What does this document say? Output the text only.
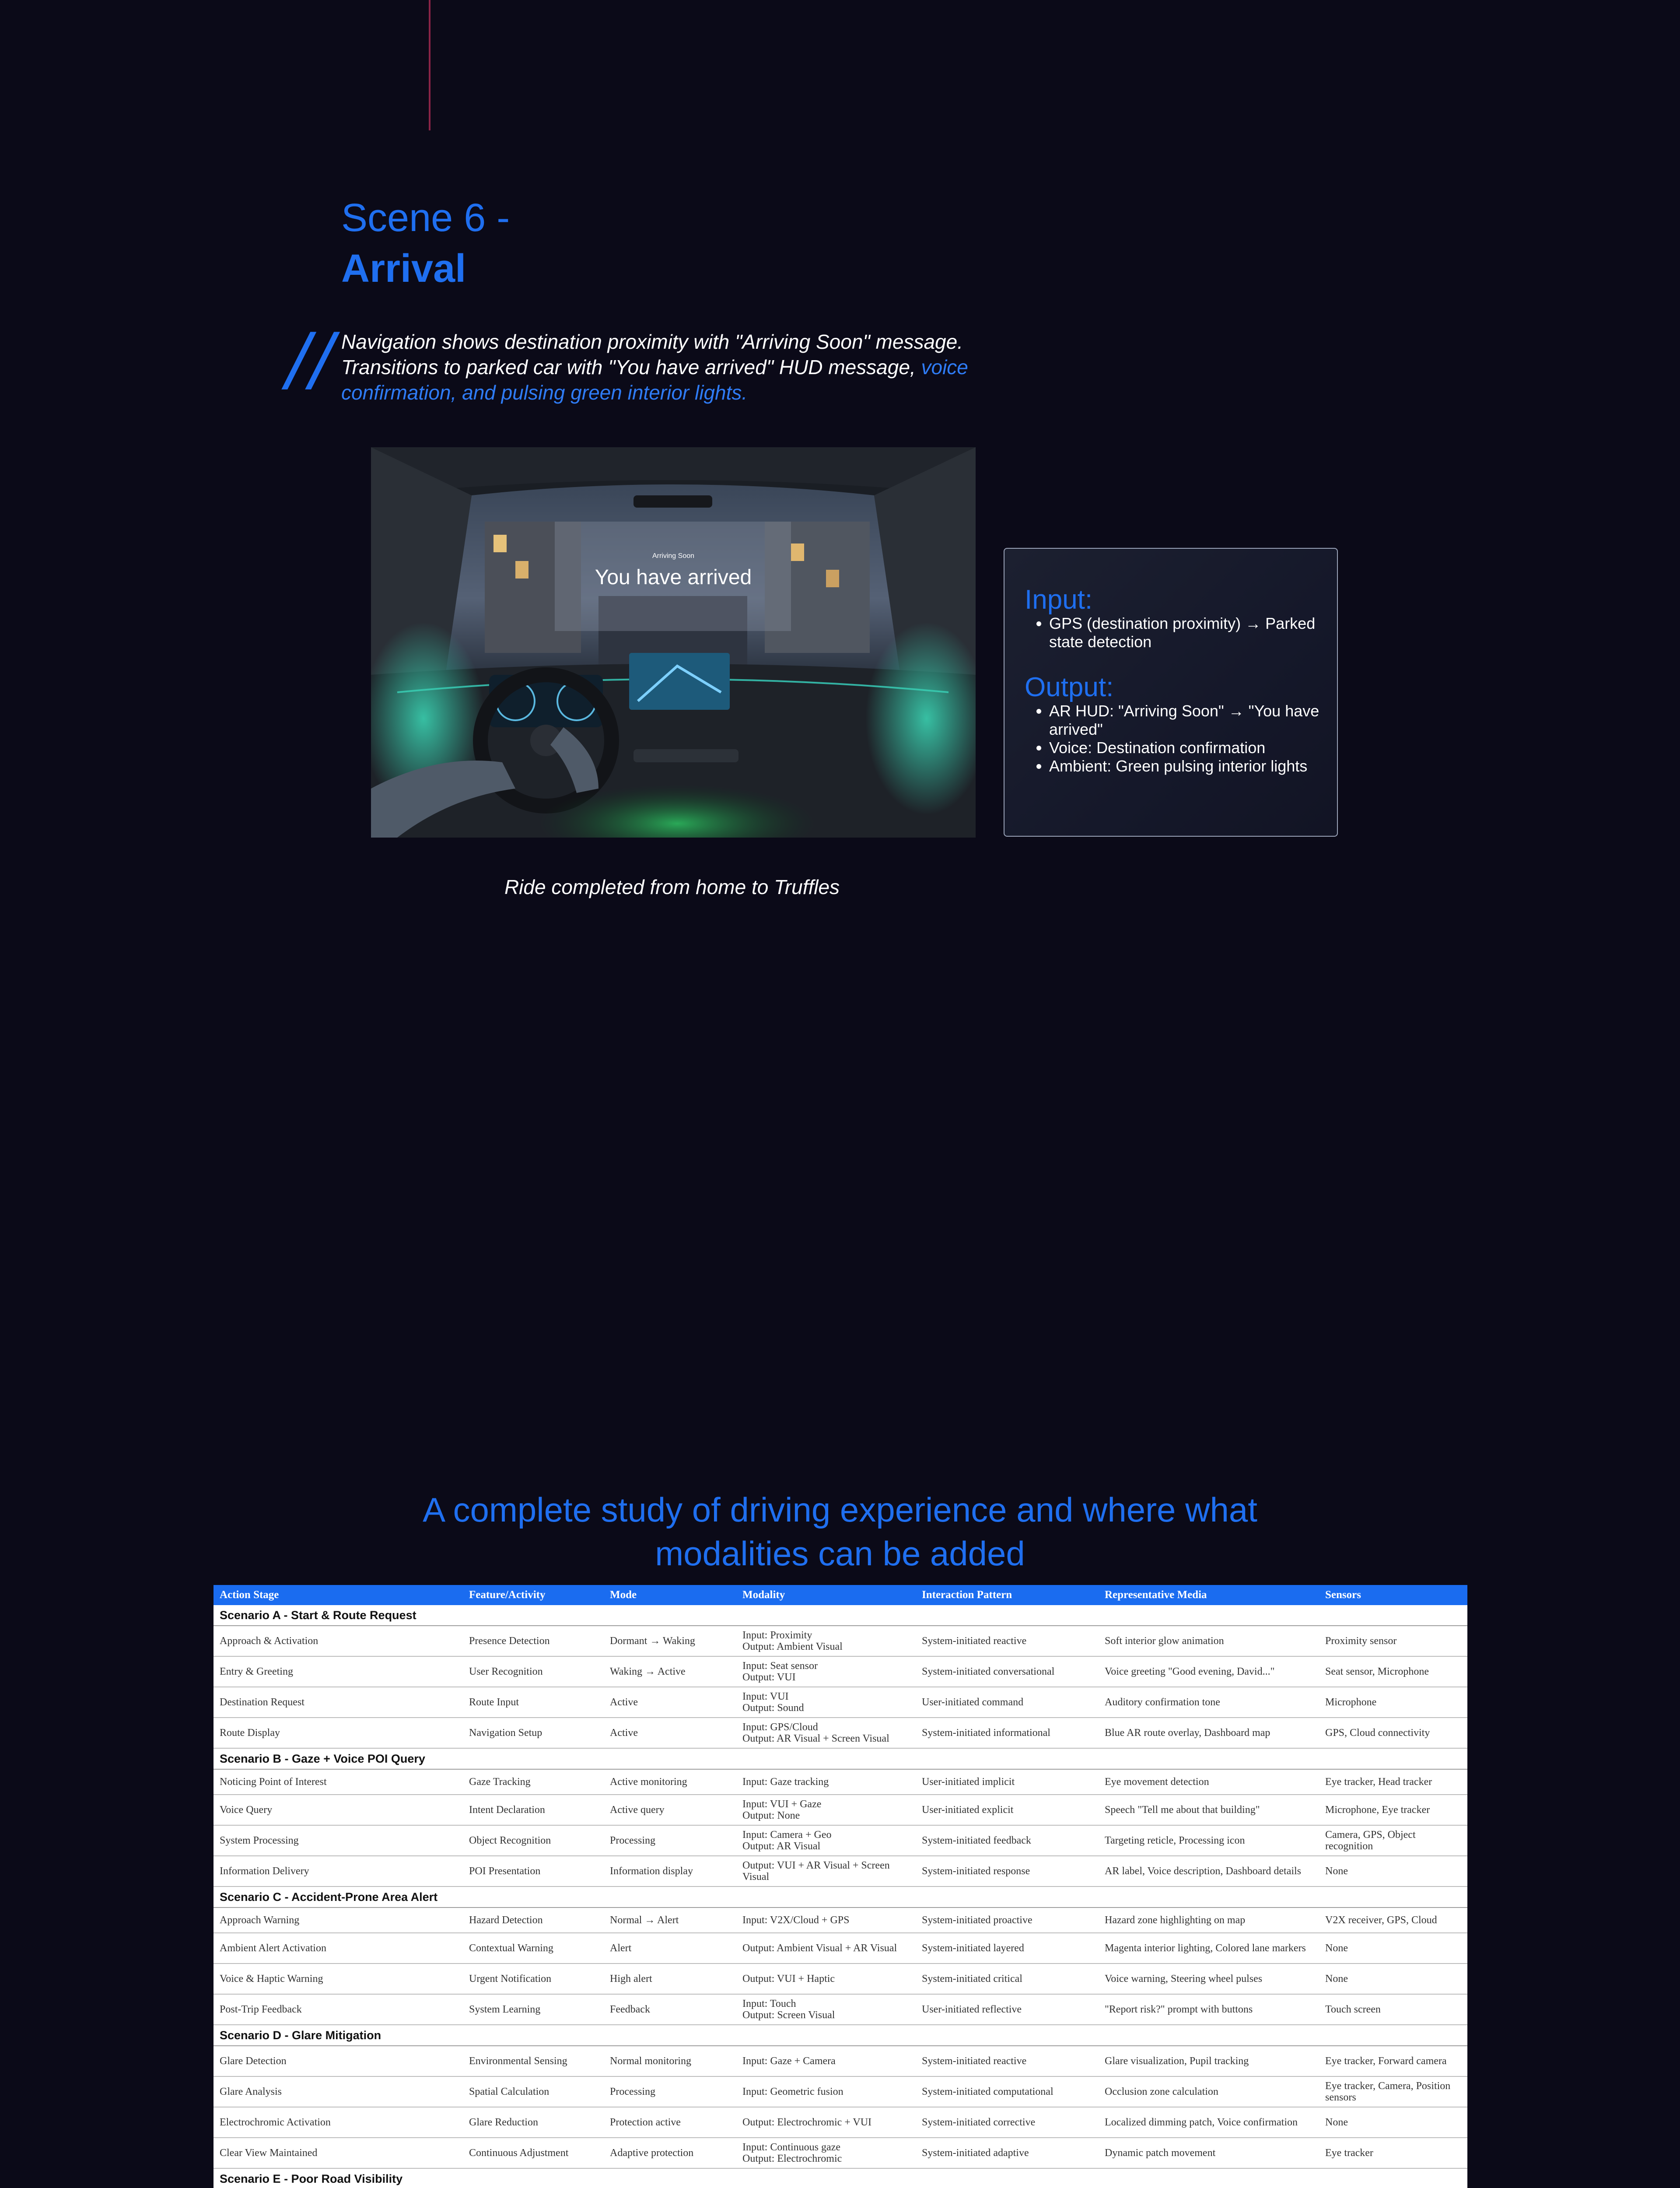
Scene 6 -
Arrival
// Navigation shows destination proximity with "Arriving Soon" message. Transitions to parked car with "You have arrived" HUD message, voice confirmation, and pulsing green interior lights.
Arriving Soon
You have arrived
Input:
• GPS (destination proximity) → Parked state detection
Output:
• AR HUD: "Arriving Soon" → "You have arrived"
• Voice: Destination confirmation
• Ambient: Green pulsing interior lights
Ride completed from home to Truffles
A complete study of driving experience and where what modalities can be added
Action Stage	Feature/Activity	Mode	Modality	Interaction Pattern	Representative Media	Sensors
Scenario A - Start & Route Request						
Approach & Activation	Presence Detection	Dormant → Waking	Input: Proximity
Output: Ambient Visual	System-initiated reactive	Soft interior glow animation	Proximity sensor
Entry & Greeting	User Recognition	Waking → Active	Input: Seat sensor
Output: VUI	System-initiated conversational	Voice greeting "Good evening, David..."	Seat sensor, Microphone
Destination Request	Route Input	Active	Input: VUI
Output: Sound	User-initiated command	Auditory confirmation tone	Microphone
Route Display	Navigation Setup	Active	Input: GPS/Cloud
Output: AR Visual + Screen Visual	System-initiated informational	Blue AR route overlay, Dashboard map	GPS, Cloud connectivity
Scenario B - Gaze + Voice POI Query						
Noticing Point of Interest	Gaze Tracking	Active monitoring	Input: Gaze tracking	User-initiated implicit	Eye movement detection	Eye tracker, Head tracker
Voice Query	Intent Declaration	Active query	Input: VUI + Gaze
Output: None	User-initiated explicit	Speech "Tell me about that building"	Microphone, Eye tracker
System Processing	Object Recognition	Processing	Input: Camera + Geo
Output: AR Visual	System-initiated feedback	Targeting reticle, Processing icon	Camera, GPS, Object recognition
Information Delivery	POI Presentation	Information display	Output: VUI + AR Visual + Screen Visual	System-initiated response	AR label, Voice description, Dashboard details	None
Scenario C - Accident-Prone Area Alert						
Approach Warning	Hazard Detection	Normal → Alert	Input: V2X/Cloud + GPS	System-initiated proactive	Hazard zone highlighting on map	V2X receiver, GPS, Cloud
Ambient Alert Activation	Contextual Warning	Alert	Output: Ambient Visual + AR Visual	System-initiated layered	Magenta interior lighting, Colored lane markers	None
Voice & Haptic Warning	Urgent Notification	High alert	Output: VUI + Haptic	System-initiated critical	Voice warning, Steering wheel pulses	None
Post-Trip Feedback	System Learning	Feedback	Input: Touch
Output: Screen Visual	User-initiated reflective	"Report risk?" prompt with buttons	Touch screen
Scenario D - Glare Mitigation						
Glare Detection	Environmental Sensing	Normal monitoring	Input: Gaze + Camera	System-initiated reactive	Glare visualization, Pupil tracking	Eye tracker, Forward camera
Glare Analysis	Spatial Calculation	Processing	Input: Geometric fusion	System-initiated computational	Occlusion zone calculation	Eye tracker, Camera, Position sensors
Electrochromic Activation	Glare Reduction	Protection active	Output: Electrochromic + VUI	System-initiated corrective	Localized dimming patch, Voice confirmation	None
Clear View Maintained	Continuous Adjustment	Adaptive protection	Input: Continuous gaze
Output: Electrochromic	System-initiated adaptive	Dynamic patch movement	Eye tracker
Scenario E - Poor Road Visibility						
